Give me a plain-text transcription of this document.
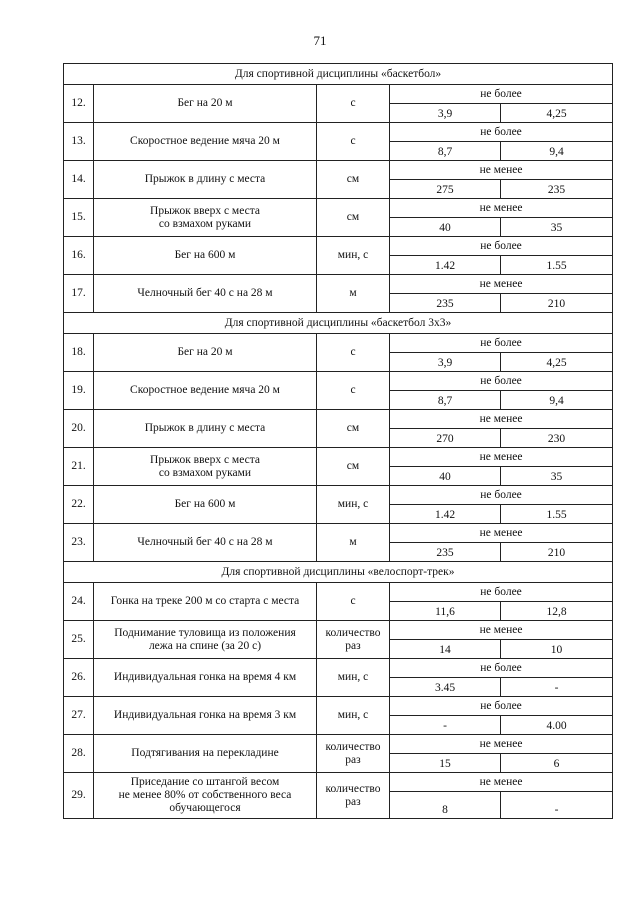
71
Для спортивной дисциплины «баскетбол»				
12.	Бег на 20 м	с	не более	
			3,9	4,25
13.	Скоростное ведение мяча 20 м	с	не более	
			8,7	9,4
14.	Прыжок в длину с места	см	не менее	
			275	235
15.	Прыжок вверх с места
со взмахом руками	см	не менее	
			40	35
16.	Бег на 600 м	мин, с	не более	
			1.42	1.55
17.	Челночный бег 40 с на 28 м	м	не менее	
			235	210
Для спортивной дисциплины «баскетбол 3х3»				
18.	Бег на 20 м	с	не более	
			3,9	4,25
19.	Скоростное ведение мяча 20 м	с	не более	
			8,7	9,4
20.	Прыжок в длину с места	см	не менее	
			270	230
21.	Прыжок вверх с места
со взмахом руками	см	не менее	
			40	35
22.	Бег на 600 м	мин, с	не более	
			1.42	1.55
23.	Челночный бег 40 с на 28 м	м	не менее	
			235	210
Для спортивной дисциплины «велоспорт-трек»				
24.	Гонка на треке 200 м со старта с места	с	не более	
			11,6	12,8
25.	Поднимание туловища из положения
лежа на спине (за 20 с)	количество
раз	не менее	
			14	10
26.	Индивидуальная гонка на время 4 км	мин, с	не более	
			3.45	-
27.	Индивидуальная гонка на время 3 км	мин, с	не более	
			-	4.00
28.	Подтягивания на перекладине	количество
раз	не менее	
			15	6
29.	Приседание со штангой весом
не менее 80% от собственного веса
обучающегося	количество
раз	не менее	
			8	-
